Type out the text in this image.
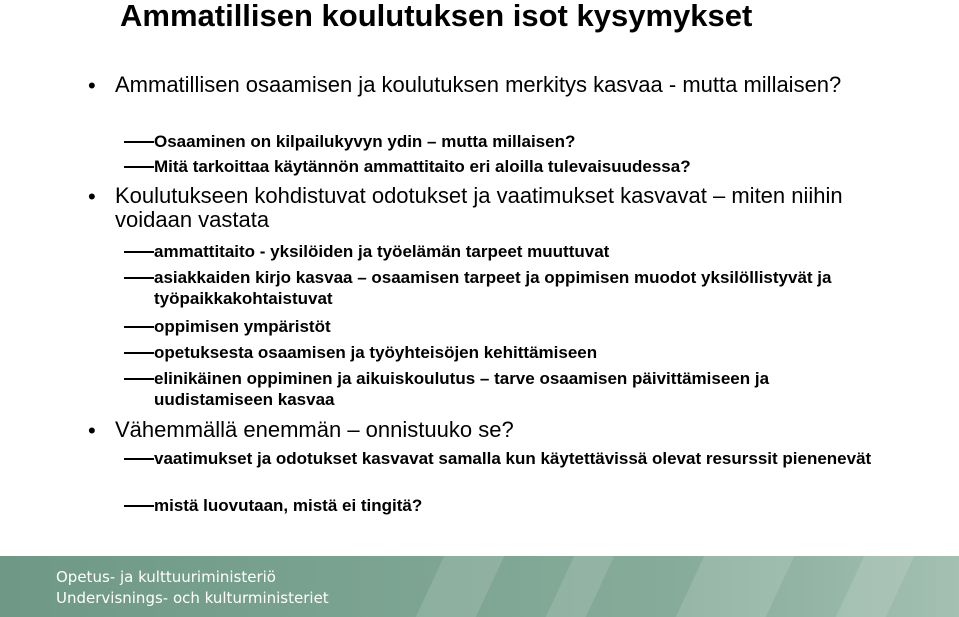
Ammatillisen koulutuksen isot kysymykset
• Ammatillisen osaamisen ja koulutuksen merkitys kasvaa - mutta millaisen?
Osaaminen on kilpailukyvyn ydin – mutta millaisen?
Mitä tarkoittaa käytännön ammattitaito eri aloilla tulevaisuudessa?
• Koulutukseen kohdistuvat odotukset ja vaatimukset kasvavat – miten niihin voidaan vastata
ammattitaito - yksilöiden ja työelämän tarpeet muuttuvat
asiakkaiden kirjo kasvaa – osaamisen tarpeet ja oppimisen muodot yksilöllistyvät ja työpaikkakohtaistuvat
oppimisen ympäristöt
opetuksesta osaamisen ja työyhteisöjen kehittämiseen
elinikäinen oppiminen ja aikuiskoulutus – tarve osaamisen päivittämiseen ja uudistamiseen kasvaa
• Vähemmällä enemmän – onnistuuko se?
vaatimukset ja odotukset kasvavat samalla kun käytettävissä olevat resurssit pienenevät
mistä luovutaan, mistä ei tingitä?
Opetus- ja kulttuuriministeriö
Undervisnings- och kulturministeriet
